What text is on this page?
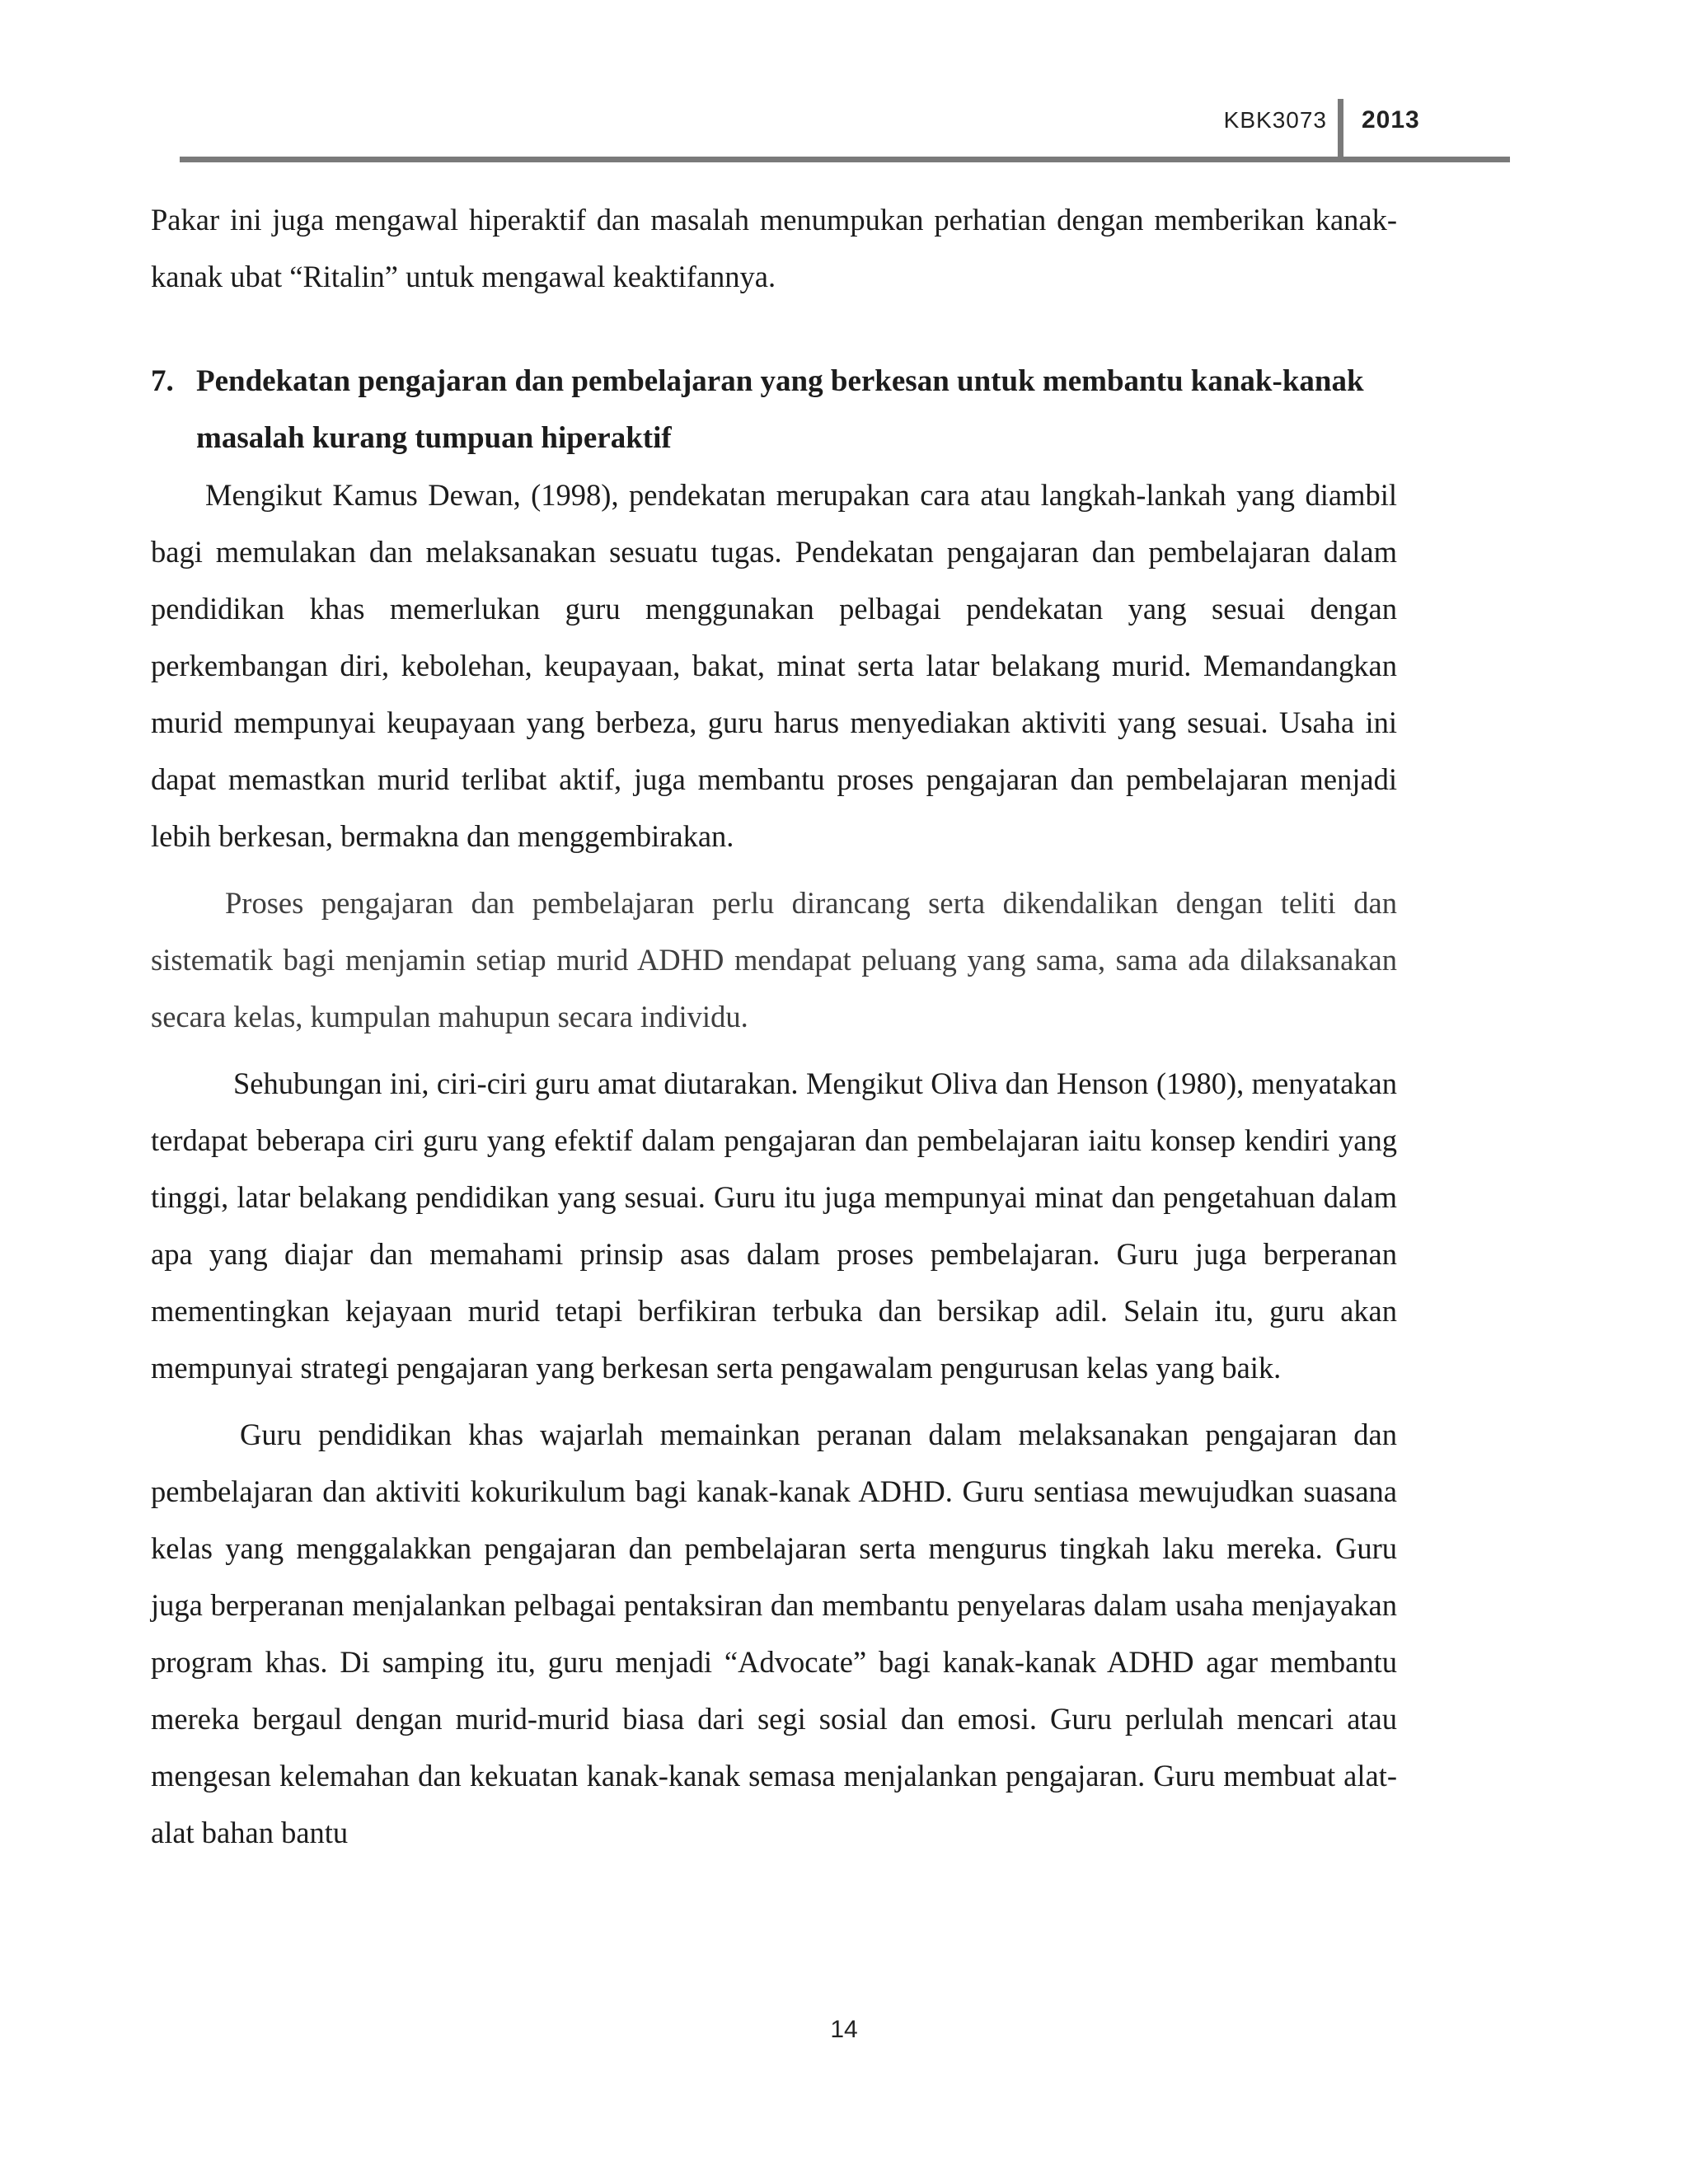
KBK3073 2013

Pakar ini juga mengawal hiperaktif dan masalah menumpukan perhatian dengan memberikan kanak-kanak ubat “Ritalin” untuk mengawal keaktifannya.

7. Pendekatan pengajaran dan pembelajaran yang berkesan untuk membantu kanak-kanak masalah kurang tumpuan hiperaktif

Mengikut Kamus Dewan, (1998), pendekatan merupakan cara atau langkah-lankah yang diambil bagi memulakan dan melaksanakan sesuatu tugas. Pendekatan pengajaran dan pembelajaran dalam pendidikan khas memerlukan guru menggunakan pelbagai pendekatan yang sesuai dengan perkembangan diri, kebolehan, keupayaan, bakat, minat serta latar belakang murid. Memandangkan murid mempunyai keupayaan yang berbeza, guru harus menyediakan aktiviti yang sesuai. Usaha ini dapat memastkan murid terlibat aktif, juga membantu proses pengajaran dan pembelajaran menjadi lebih berkesan, bermakna dan menggembirakan.

Proses pengajaran dan pembelajaran perlu dirancang serta dikendalikan dengan teliti dan sistematik bagi menjamin setiap murid ADHD mendapat peluang yang sama, sama ada dilaksanakan secara kelas, kumpulan mahupun secara individu.

Sehubungan ini, ciri-ciri guru amat diutarakan. Mengikut Oliva dan Henson (1980), menyatakan terdapat beberapa ciri guru yang efektif dalam pengajaran dan pembelajaran iaitu konsep kendiri yang tinggi, latar belakang pendidikan yang sesuai. Guru itu juga mempunyai minat dan pengetahuan dalam apa yang diajar dan memahami prinsip asas dalam proses pembelajaran. Guru juga berperanan mementingkan kejayaan murid tetapi berfikiran terbuka dan bersikap adil. Selain itu, guru akan mempunyai strategi pengajaran yang berkesan serta pengawalam pengurusan kelas yang baik.

Guru pendidikan khas wajarlah memainkan peranan dalam melaksanakan pengajaran dan pembelajaran dan aktiviti kokurikulum bagi kanak-kanak ADHD. Guru sentiasa mewujudkan suasana kelas yang menggalakkan pengajaran dan pembelajaran serta mengurus tingkah laku mereka. Guru juga berperanan menjalankan pelbagai pentaksiran dan membantu penyelaras dalam usaha menjayakan program khas. Di samping itu, guru menjadi “Advocate” bagi kanak-kanak ADHD agar membantu mereka bergaul dengan murid-murid biasa dari segi sosial dan emosi. Guru perlulah mencari atau mengesan kelemahan dan kekuatan kanak-kanak semasa menjalankan pengajaran. Guru membuat alat-alat bahan bantu

14
